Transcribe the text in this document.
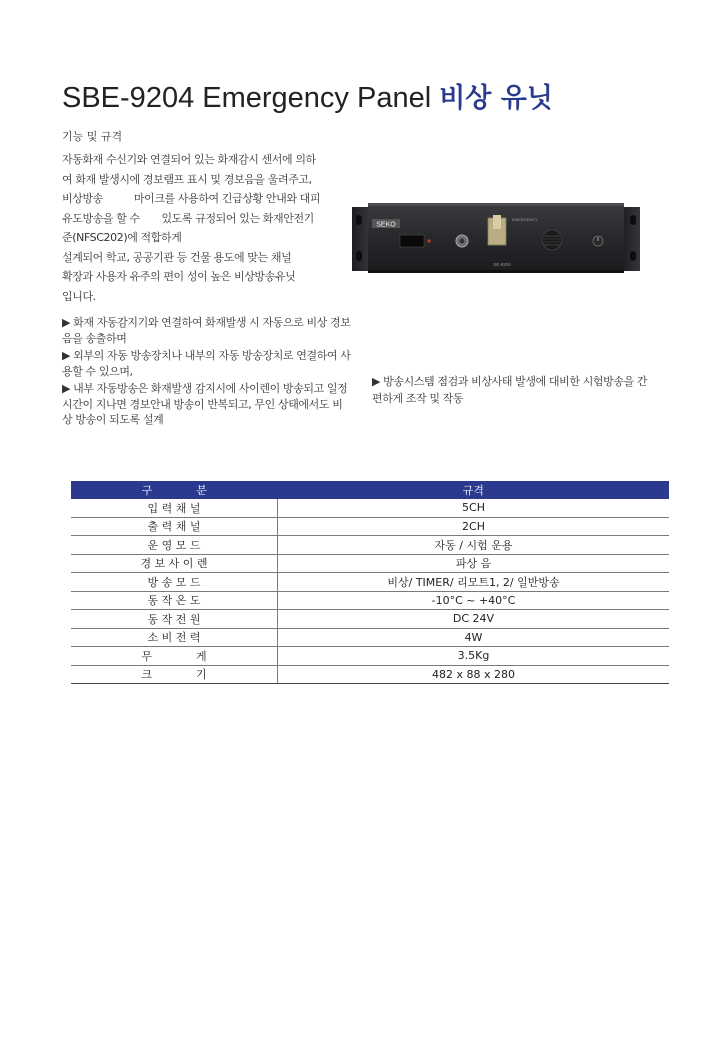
SBE-9204 Emergency Panel 비상 유닛
기능 및 규격

자동화재 수신기와 연결되어 있는 화재감시 센서에 의하

여 화재 발생시에 경보램프 표시 및 경보음을 울려주고,

비상방송          마이크를 사용하여 긴급상황 안내와 대피

유도방송을 할 수       있도록 규정되어 있는 화재안전기

준(NFSC202)에 적합하게

설계되어 학교, 공공기관 등 건물 용도에 맞는 채널

확장과 사용자 유주의 편이 성이 높은 비상방송유닛

입니다.

▶ 화재 자동감지기와 연결하여 화재발생 시 자동으로 비상 경보음을 송출하며

▶ 외부의 자동 방송장치나 내부의 자동 방송장치로 연결하여 사용할 수 있으며,

▶ 내부 자동방송은 화재발생 감지시에 사이렌이 방송되고 일정시간이 지나면 경보안내 방송이 반복되고, 무인 상태에서도 비상 방송이 되도록 설계

▶ 방송시스템 점검과 비상사태 발생에 대비한 시험방송을 간편하게 조작 및 작동

SEKO
EMERGENCY
SE-9204
구　　　　분	규격
입 력 채 널	5CH
출 력 채 널	2CH
운 영 모 드	자동 / 시험 운용
경 보 사 이 렌	파상 음
방 송 모 드	비상/ TIMER/ 리모트1, 2/ 일반방송
동 작 온 도	-10°C ~ +40°C
동 작 전 원	DC 24V
소 비 전 력	4W
무　　　　게	3.5Kg
크　　　　기	482 x 88 x 280
